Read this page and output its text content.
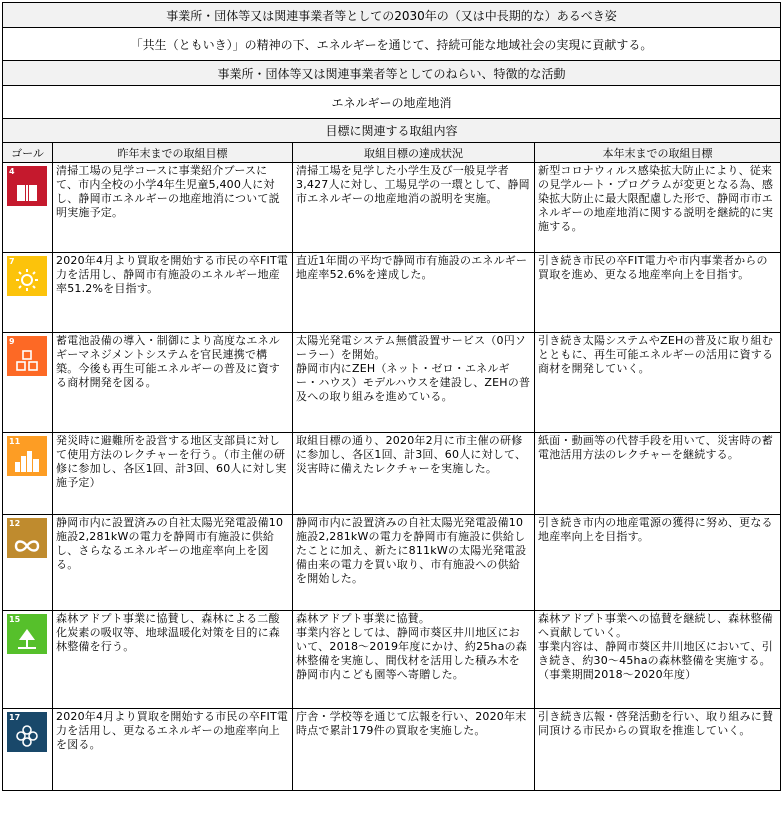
事業所・団体等又は関連事業者等としての2030年の（又は中長期的な）あるべき姿			
「共生（ともいき）」の精神の下、エネルギーを通じて、持続可能な地域社会の実現に貢献する。			
事業所・団体等又は関連事業者等としてのねらい、特徴的な活動			
エネルギーの地産地消			
目標に関連する取組内容			
ゴール	昨年末までの取組目標	取組目標の達成状況	本年末までの取組目標

4	清掃工場の見学コースに事業紹介ブースにて、市内全校の小学4年生児童5,400人に対し、静岡市エネルギーの地産地消について説明実施予定。	清掃工場を見学した小学生及び一般見学者3,427人に対し、工場見学の一環として、静岡市エネルギーの地産地消の説明を実施。	新型コロナウィルス感染拡大防止により、従来の見学ルート・プログラムが変更となる為、感染拡大防止に最大限配慮した形で、静岡市市エネルギーの地産地消に関する説明を継続的に実施する。

7	2020年4月より買取を開始する市民の卒FIT電力を活用し、静岡市有施設のエネルギー地産率51.2%を目指す。	直近1年間の平均で静岡市有施設のエネルギー地産率52.6%を達成した。	引き続き市民の卒FIT電力や市内事業者からの買取を進め、更なる地産率向上を目指す。

9	蓄電池設備の導入・制御により高度なエネルギーマネジメントシステムを官民連携で構築。今後も再生可能エネルギーの普及に資する商材開発を図る。	太陽光発電システム無償設置サービス（0円ソーラー）を開始。
静岡市内にZEH（ネット・ゼロ・エネルギー・ハウス）モデルハウスを建設し、ZEHの普及への取り組みを進めている。	引き続き太陽システムやZEHの普及に取り組むとともに、再生可能エネルギーの活用に資する商材を開発していく。

11	発災時に避難所を設営する地区支部員に対して使用方法のレクチャーを行う。（市主催の研修に参加し、各区1回、計3回、60人に対し実施予定）	取組目標の通り、2020年2月に市主催の研修に参加し、各区1回、計3回、60人に対して、災害時に備えたレクチャーを実施した。	紙面・動画等の代替手段を用いて、災害時の蓄電池活用方法のレクチャーを継続する。

12	静岡市内に設置済みの自社太陽光発電設備10施設2,281kWの電力を静岡市有施設に供給し、さらなるエネルギーの地産率向上を図る。	静岡市内に設置済みの自社太陽光発電設備10施設2,281kWの電力を静岡市有施設に供給したことに加え、新たに811kWの太陽光発電設備由来の電力を買い取り、市有施設への供給を開始した。	引き続き市内の地産電源の獲得に努め、更なる地産率向上を目指す。

15	森林アドプト事業に協賛し、森林による二酸化炭素の吸収等、地球温暖化対策を目的に森林整備を行う。	森林アドプト事業に協賛。
事業内容としては、静岡市葵区井川地区において、2018～2019年度にかけ、約25haの森林整備を実施し、間伐材を活用した積み木を静岡市内こども園等へ寄贈した。	森林アドプト事業への協賛を継続し、森林整備へ貢献していく。
事業内容は、静岡市葵区井川地区において、引き続き、約30～45haの森林整備を実施する。（事業期間2018～2020年度）

17	2020年4月より買取を開始する市民の卒FIT電力を活用し、更なるエネルギーの地産率向上を図る。	庁舎・学校等を通じて広報を行い、2020年末時点で累計179件の買取を実施した。	引き続き広報・啓発活動を行い、取り組みに賛同頂ける市民からの買取を推進していく。
